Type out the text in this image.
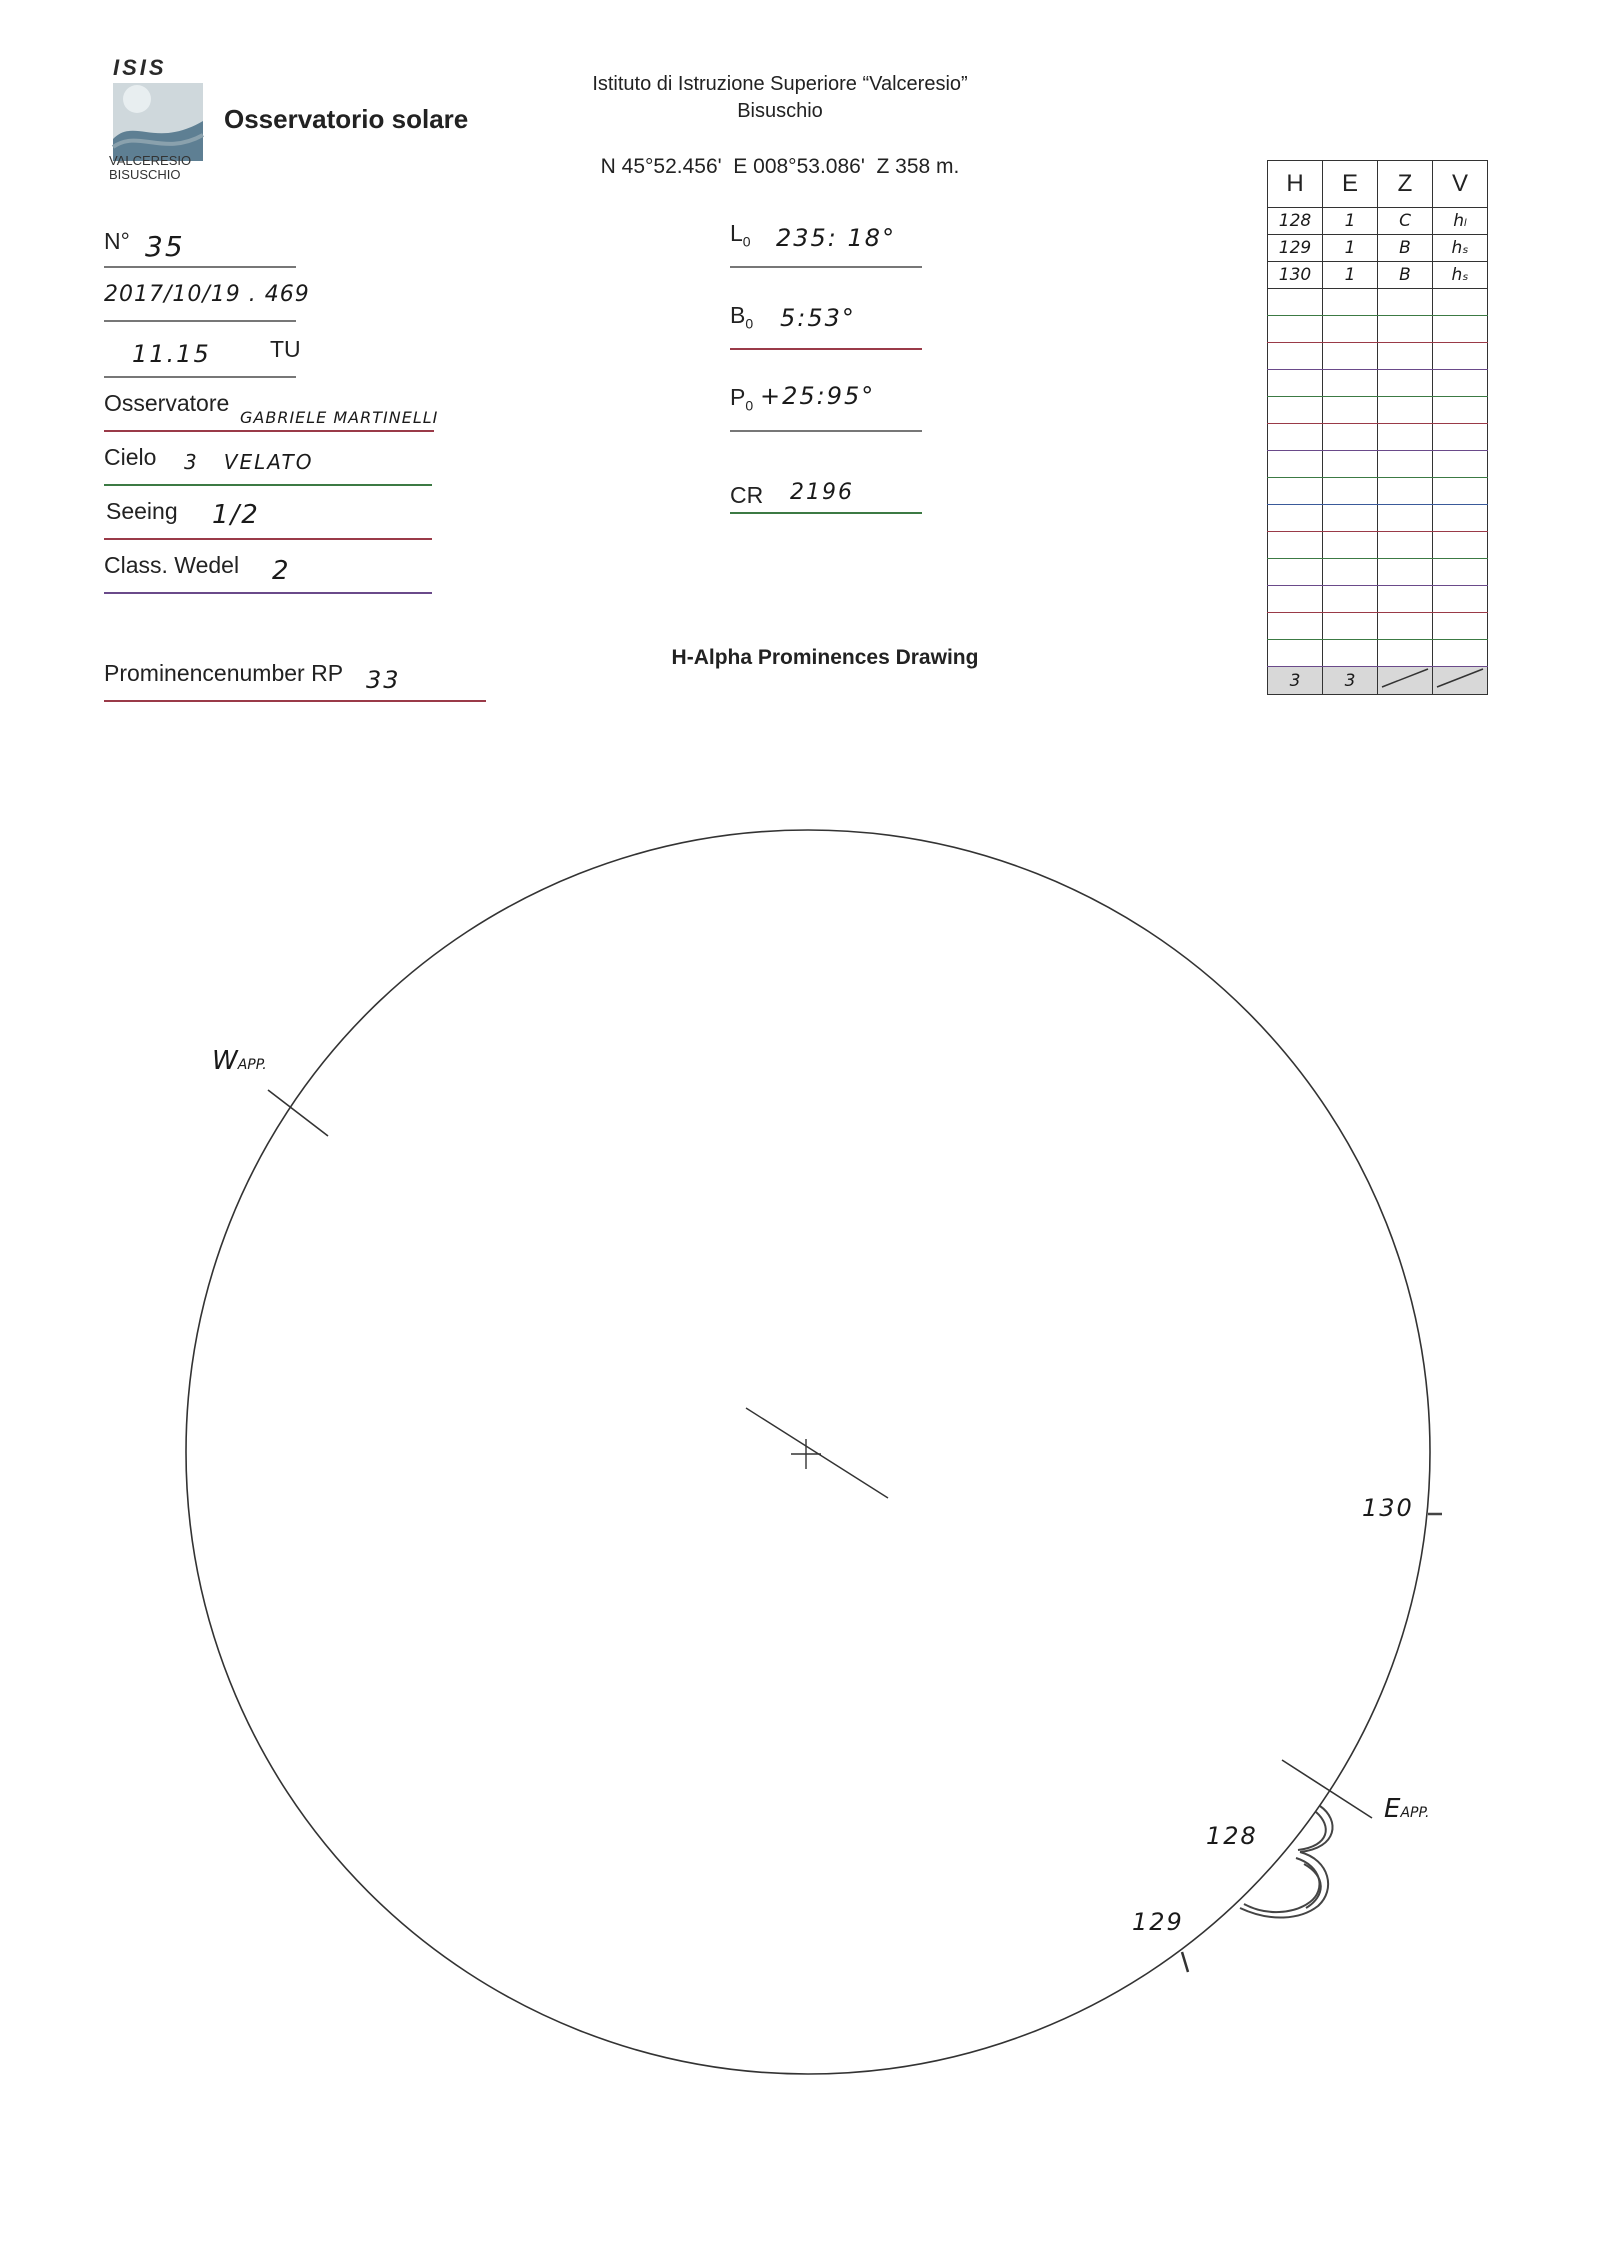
ISIS
VALCERESIO
BISUSCHIO
Osservatorio solare
Istituto di Istruzione Superiore “Valceresio”
Bisuschio
N 45°52.456'  E 008°53.086'  Z 358 m.
N° 35
2017/10/19 . 469
11.15	TU
Osservatore
GABRIELE MARTINELLI
Cielo 3   VELATO
Seeing 1/2
Class. Wedel 2
Prominencenumber RP 33
$L_0$ 235: 18°
$B_0$ 5:53°
$P_0$ +25:95°
CR 2196
H-Alpha Prominences Drawing
H	E	Z	V
128	1	C	hₗ
129	1	B	hₛ
130	1	B	hₛ

3	3		
WAPP.
EAPP.
128
129
130
